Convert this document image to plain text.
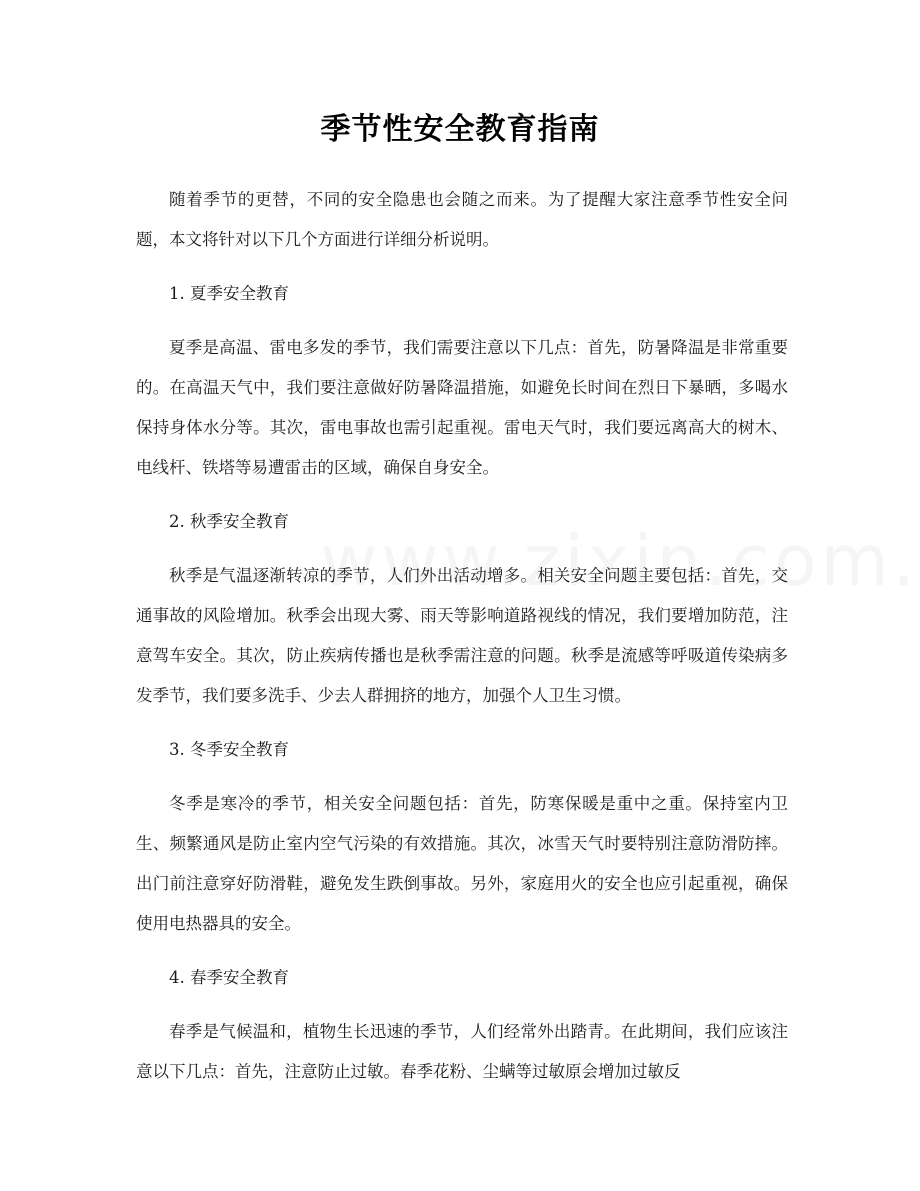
季节性安全教育指南

随着季节的更替，不同的安全隐患也会随之而来。为了提醒大家注意季节性安全问题，本文将针对以下几个方面进行详细分析说明。

1. 夏季安全教育

夏季是高温、雷电多发的季节，我们需要注意以下几点：首先，防暑降温是非常重要的。在高温天气中，我们要注意做好防暑降温措施，如避免长时间在烈日下暴晒，多喝水保持身体水分等。其次，雷电事故也需引起重视。雷电天气时，我们要远离高大的树木、电线杆、铁塔等易遭雷击的区域，确保自身安全。

2. 秋季安全教育

秋季是气温逐渐转凉的季节，人们外出活动增多。相关安全问题主要包括：首先，交通事故的风险增加。秋季会出现大雾、雨天等影响道路视线的情况，我们要增加防范，注意驾车安全。其次，防止疾病传播也是秋季需注意的问题。秋季是流感等呼吸道传染病多发季节，我们要多洗手、少去人群拥挤的地方，加强个人卫生习惯。

3. 冬季安全教育

冬季是寒冷的季节，相关安全问题包括：首先，防寒保暖是重中之重。保持室内卫生、频繁通风是防止室内空气污染的有效措施。其次，冰雪天气时要特别注意防滑防摔。出门前注意穿好防滑鞋，避免发生跌倒事故。另外，家庭用火的安全也应引起重视，确保使用电热器具的安全。

4. 春季安全教育

春季是气候温和，植物生长迅速的季节，人们经常外出踏青。在此期间，我们应该注意以下几点：首先，注意防止过敏。春季花粉、尘螨等过敏原会增加过敏反
